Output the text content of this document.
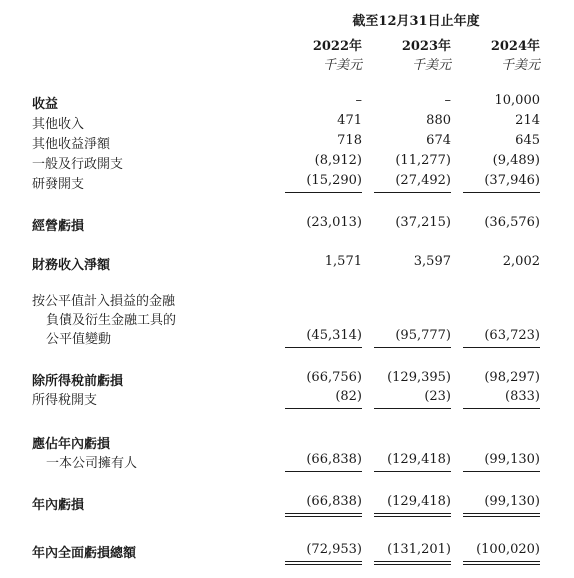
截至12月31日止年度
2022年	2023年	2024年
千美元	千美元	千美元
收益	–	–	10,000
其他收入	471	880	214
其他收益淨額	718	674	645
一般及行政開支	(8,912)	(11,277)	(9,489)
研發開支	(15,290)	(27,492)	(37,946)
經營虧損	(23,013)	(37,215)	(36,576)
財務收入淨額	1,571	3,597	2,002
按公平值計入損益的金融
負債及衍生金融工具的
公平值變動	(45,314)	(95,777)	(63,723)
除所得稅前虧損	(66,756)	(129,395)	(98,297)
所得稅開支	(82)	(23)	(833)
應佔年內虧損
一本公司擁有人	(66,838)	(129,418)	(99,130)
年內虧損	(66,838)	(129,418)	(99,130)
年內全面虧損總額	(72,953)	(131,201)	(100,020)
